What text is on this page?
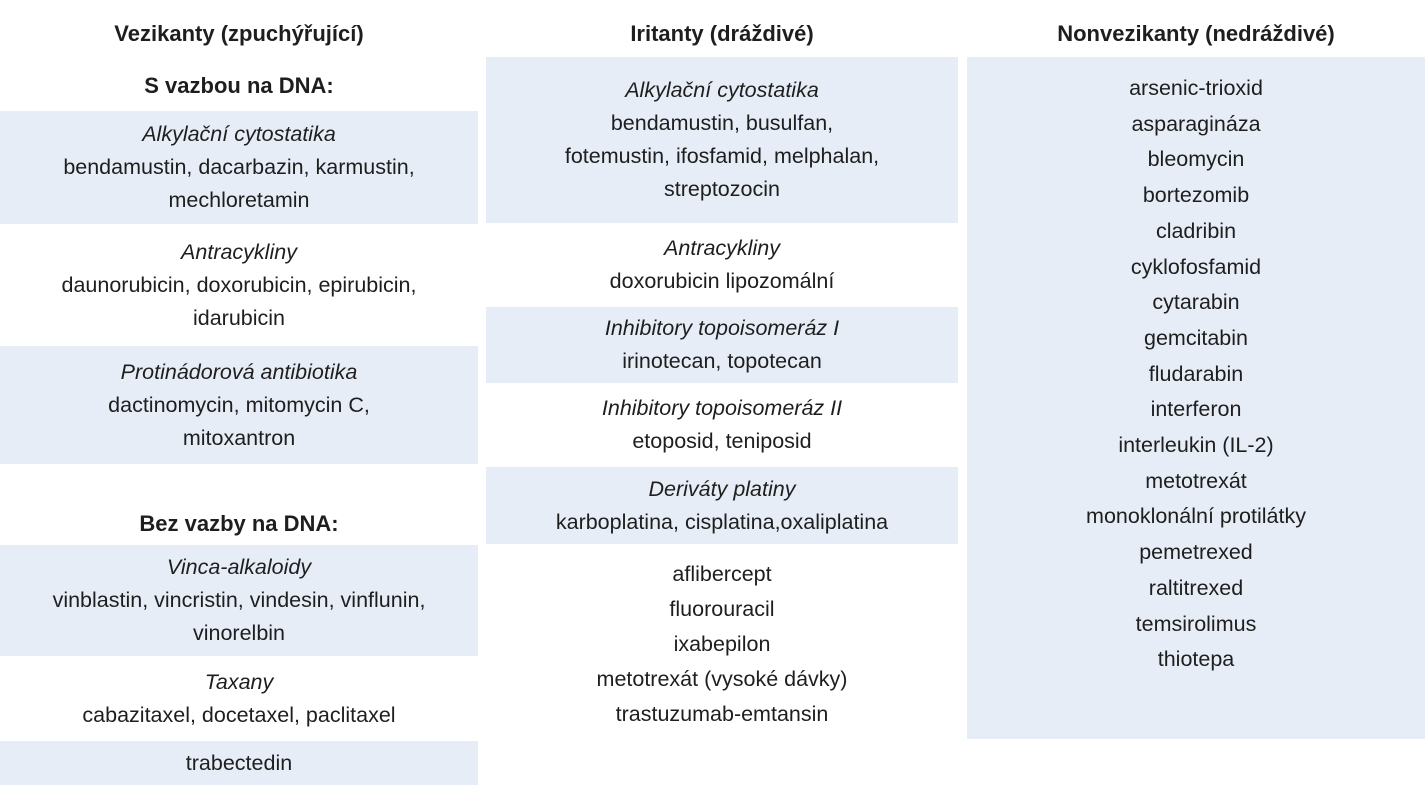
Vezikanty (zpuchýřující)
S vazbou na DNA:
Alkylační cytostatika
bendamustin, dacarbazin, karmustin,
mechloretamin
Antracykliny
daunorubicin, doxorubicin, epirubicin,
idarubicin
Protinádorová antibiotika
dactinomycin, mitomycin C,
mitoxantron
Bez vazby na DNA:
Vinca-alkaloidy
vinblastin, vincristin, vindesin, vinflunin,
vinorelbin
Taxany
cabazitaxel, docetaxel, paclitaxel
trabectedin
Iritanty (dráždivé)
Alkylační cytostatika
bendamustin, busulfan,
fotemustin, ifosfamid, melphalan,
streptozocin
Antracykliny
doxorubicin lipozomální
Inhibitory topoisomeráz I
irinotecan, topotecan
Inhibitory topoisomeráz II
etoposid, teniposid
Deriváty platiny
karboplatina, cisplatina,oxaliplatina
aflibercept
fluorouracil
ixabepilon
metotrexát (vysoké dávky)
trastuzumab-emtansin
Nonvezikanty (nedráždivé)
arsenic-trioxid
asparagináza
bleomycin
bortezomib
cladribin
cyklofosfamid
cytarabin
gemcitabin
fludarabin
interferon
interleukin (IL-2)
metotrexát
monoklonální protilátky
pemetrexed
raltitrexed
temsirolimus
thiotepa
